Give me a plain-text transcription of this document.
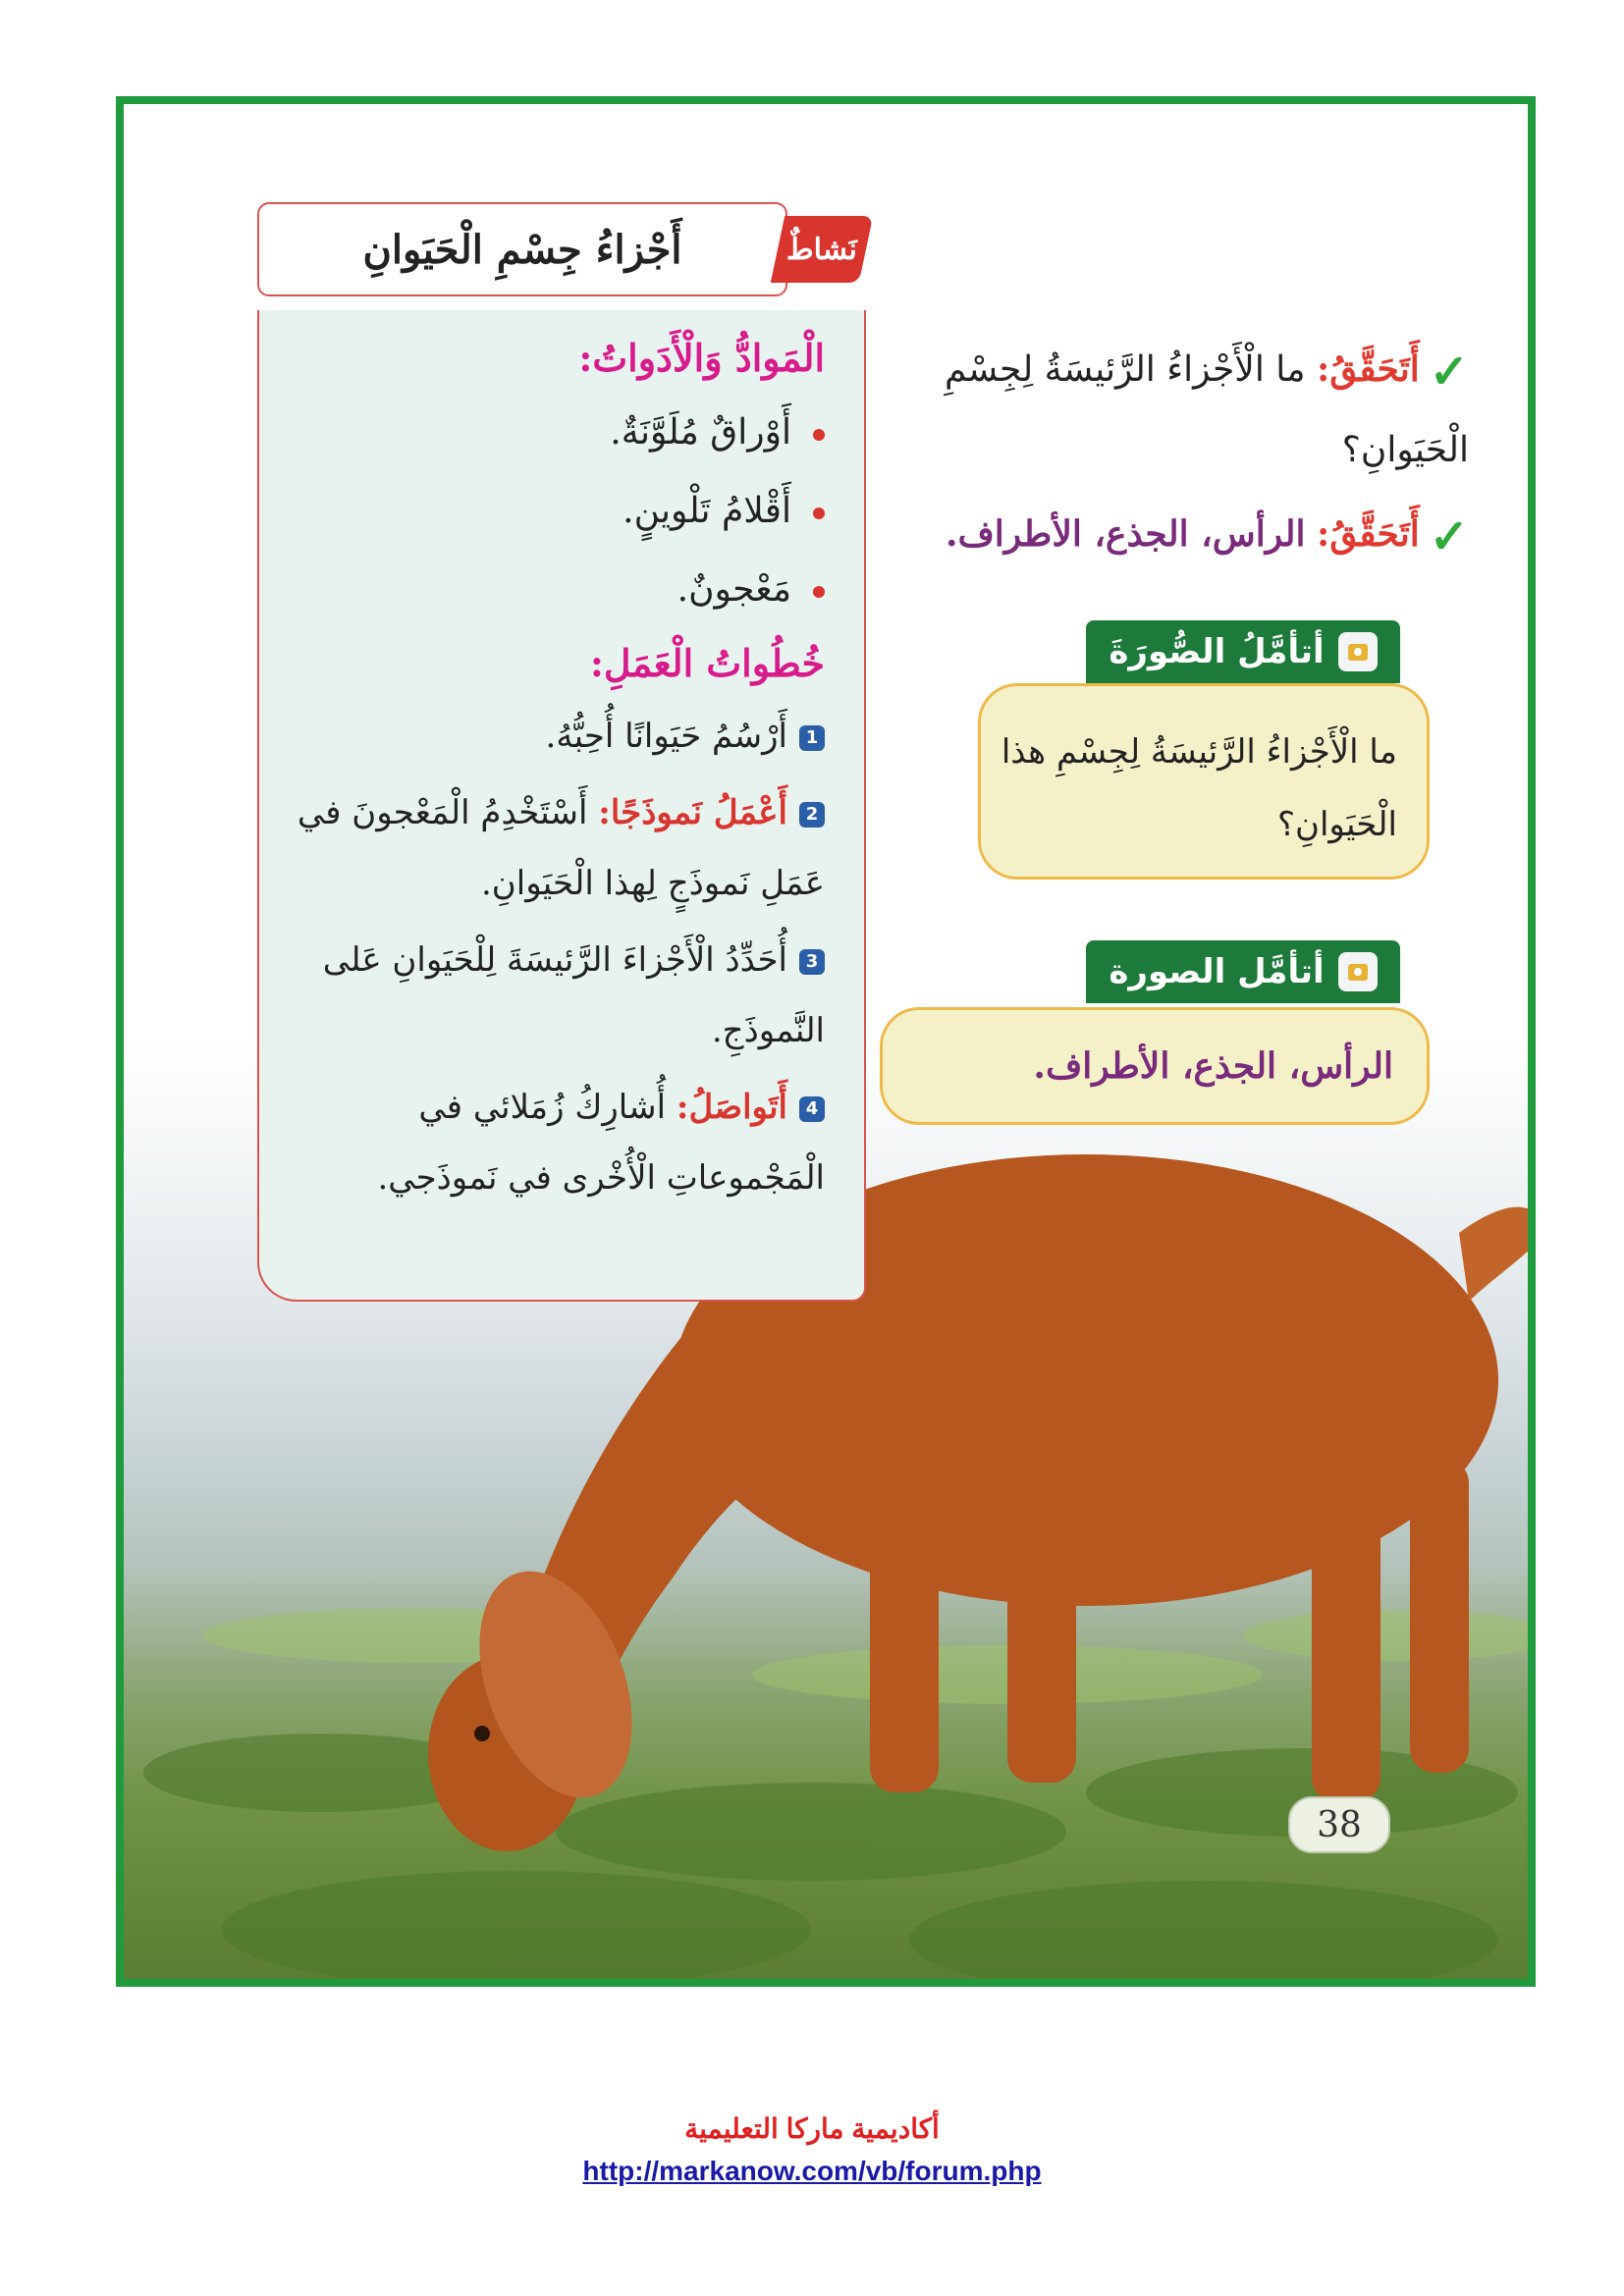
أَجْزاءُ جِسْمِ الْحَيَوانِ	نَشاطٌ
الْمَوادُّ وَالْأَدَواتُ:
أَوْراقٌ مُلَوَّنَةٌ.
أَقْلامُ تَلْوينٍ.
مَعْجونٌ.
خُطُواتُ الْعَمَلِ:
1أَرْسُمُ حَيَوانًا أُحِبُّهُ.
2أَعْمَلُ نَموذَجًا: أَسْتَخْدِمُ الْمَعْجونَ في عَمَلِ نَموذَجٍ لِهذا الْحَيَوانِ.
3أُحَدِّدُ الْأَجْزاءَ الرَّئيسَةَ لِلْحَيَوانِ عَلى النَّموذَجِ.
4أَتَواصَلُ: أُشارِكُ زُمَلائي في الْمَجْموعاتِ الْأُخْرى في نَموذَجي.
✓أَتَحَقَّقُ: ما الْأَجْزاءُ الرَّئيسَةُ لِجِسْمِ الْحَيَوانِ؟
✓أَتَحَقَّقُ: الرأس، الجذع، الأطراف.
أتأمَّلُ الصُّورَةَ
ما الْأَجْزاءُ الرَّئيسَةُ لِجِسْمِ هذا الْحَيَوانِ؟
أتأمَّل الصورة
الرأس، الجذع، الأطراف.
38
أكاديمية ماركا التعليمية
http://markanow.com/vb/forum.php
